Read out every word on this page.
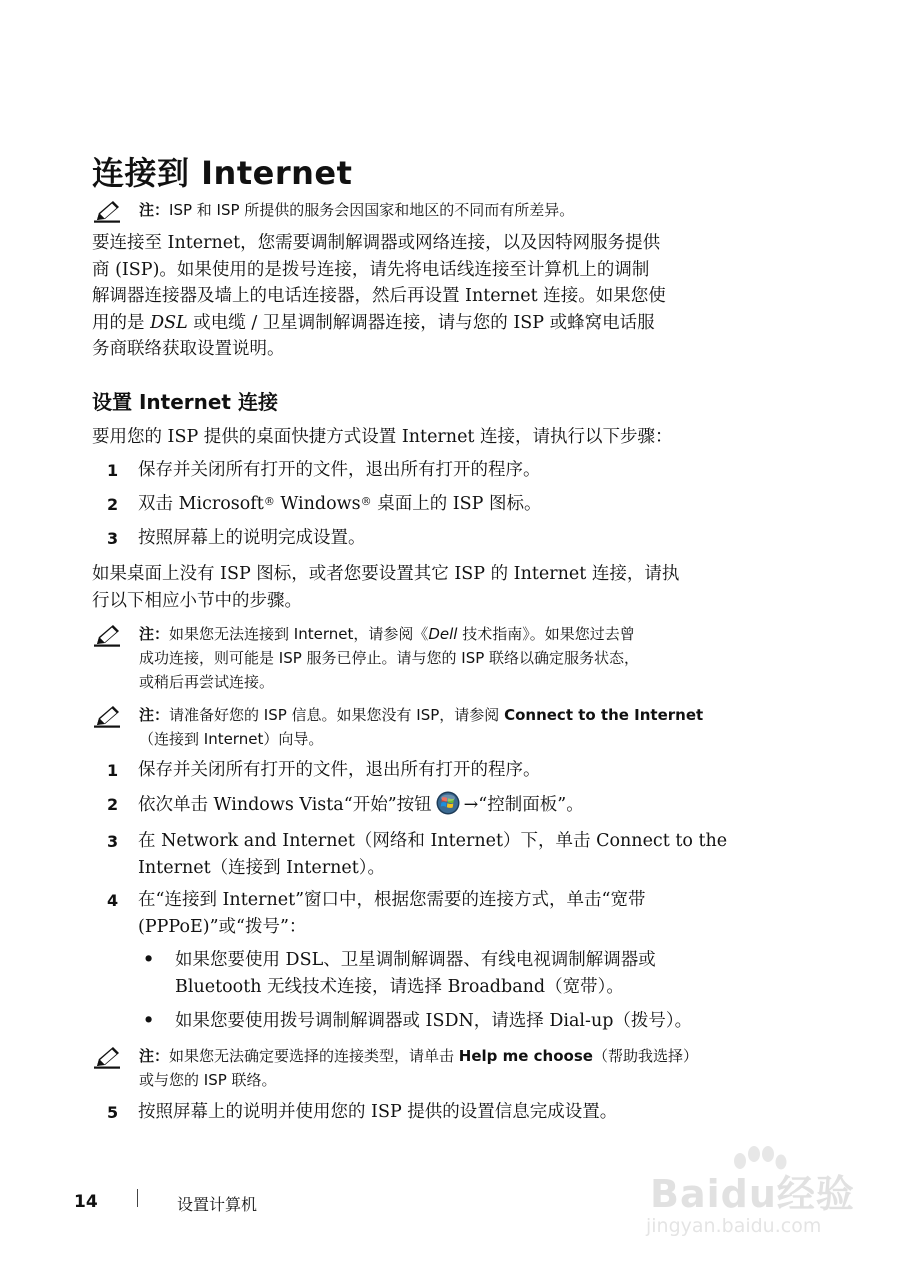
连接到 Internet
注：ISP 和 ISP 所提供的服务会因国家和地区的不同而有所差异。
要连接至 Internet，您需要调制解调器或网络连接，以及因特网服务提供
商 (ISP)。如果使用的是拨号连接，请先将电话线连接至计算机上的调制
解调器连接器及墙上的电话连接器，然后再设置 Internet 连接。如果您使
用的是 DSL 或电缆 / 卫星调制解调器连接，请与您的 ISP 或蜂窝电话服
务商联络获取设置说明。
设置 Internet 连接
要用您的 ISP 提供的桌面快捷方式设置 Internet 连接，请执行以下步骤：
1 保存并关闭所有打开的文件，退出所有打开的程序。
2 双击 Microsoft® Windows® 桌面上的 ISP 图标。
3 按照屏幕上的说明完成设置。
如果桌面上没有 ISP 图标，或者您要设置其它 ISP 的 Internet 连接，请执
行以下相应小节中的步骤。
注：如果您无法连接到 Internet，请参阅《Dell 技术指南》。如果您过去曾
成功连接，则可能是 ISP 服务已停止。请与您的 ISP 联络以确定服务状态，
或稍后再尝试连接。
注：请准备好您的 ISP 信息。如果您没有 ISP，请参阅 Connect to the Internet
（连接到 Internet）向导。
1 保存并关闭所有打开的文件，退出所有打开的程序。
2 依次单击 Windows Vista“开始”按钮 →“控制面板”。
3 在 Network and Internet（网络和 Internet）下，单击 Connect to the
Internet（连接到 Internet）。
4 在“连接到 Internet”窗口中，根据您需要的连接方式，单击“宽带
(PPPoE)”或“拨号”：
• 如果您要使用 DSL、卫星调制解调器、有线电视调制解调器或
Bluetooth 无线技术连接，请选择 Broadband（宽带）。
• 如果您要使用拨号调制解调器或 ISDN，请选择 Dial-up（拨号）。
注：如果您无法确定要选择的连接类型，请单击 Help me choose（帮助我选择）
或与您的 ISP 联络。
5 按照屏幕上的说明并使用您的 ISP 提供的设置信息完成设置。
14	设置计算机	Baidu经验
jingyan.baidu.com
